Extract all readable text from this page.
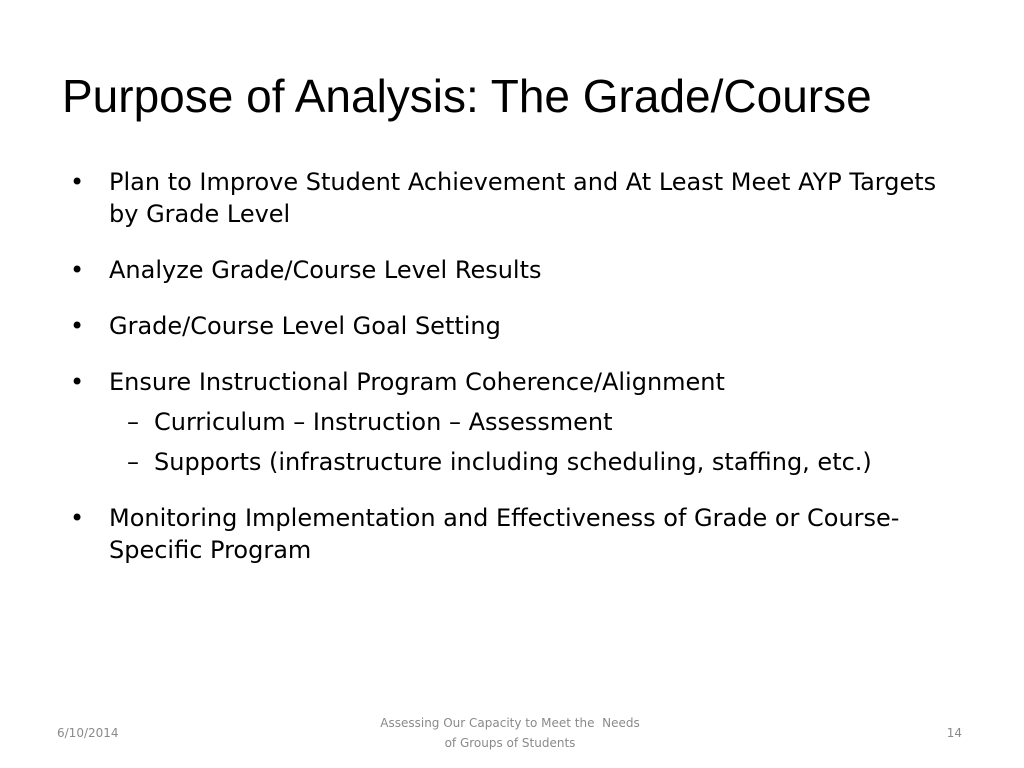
Purpose of Analysis: The Grade/Course
• Plan to Improve Student Achievement and At Least Meet AYP Targets by Grade Level
• Analyze Grade/Course Level Results
• Grade/Course Level Goal Setting
• Ensure Instructional Program Coherence/Alignment
– Curriculum – Instruction – Assessment
– Supports (infrastructure including scheduling, staffing, etc.)
• Monitoring Implementation and Effectiveness of Grade or Course-Specific Program
6/10/2014
Assessing Our Capacity to Meet the  Needs
of Groups of Students
14
